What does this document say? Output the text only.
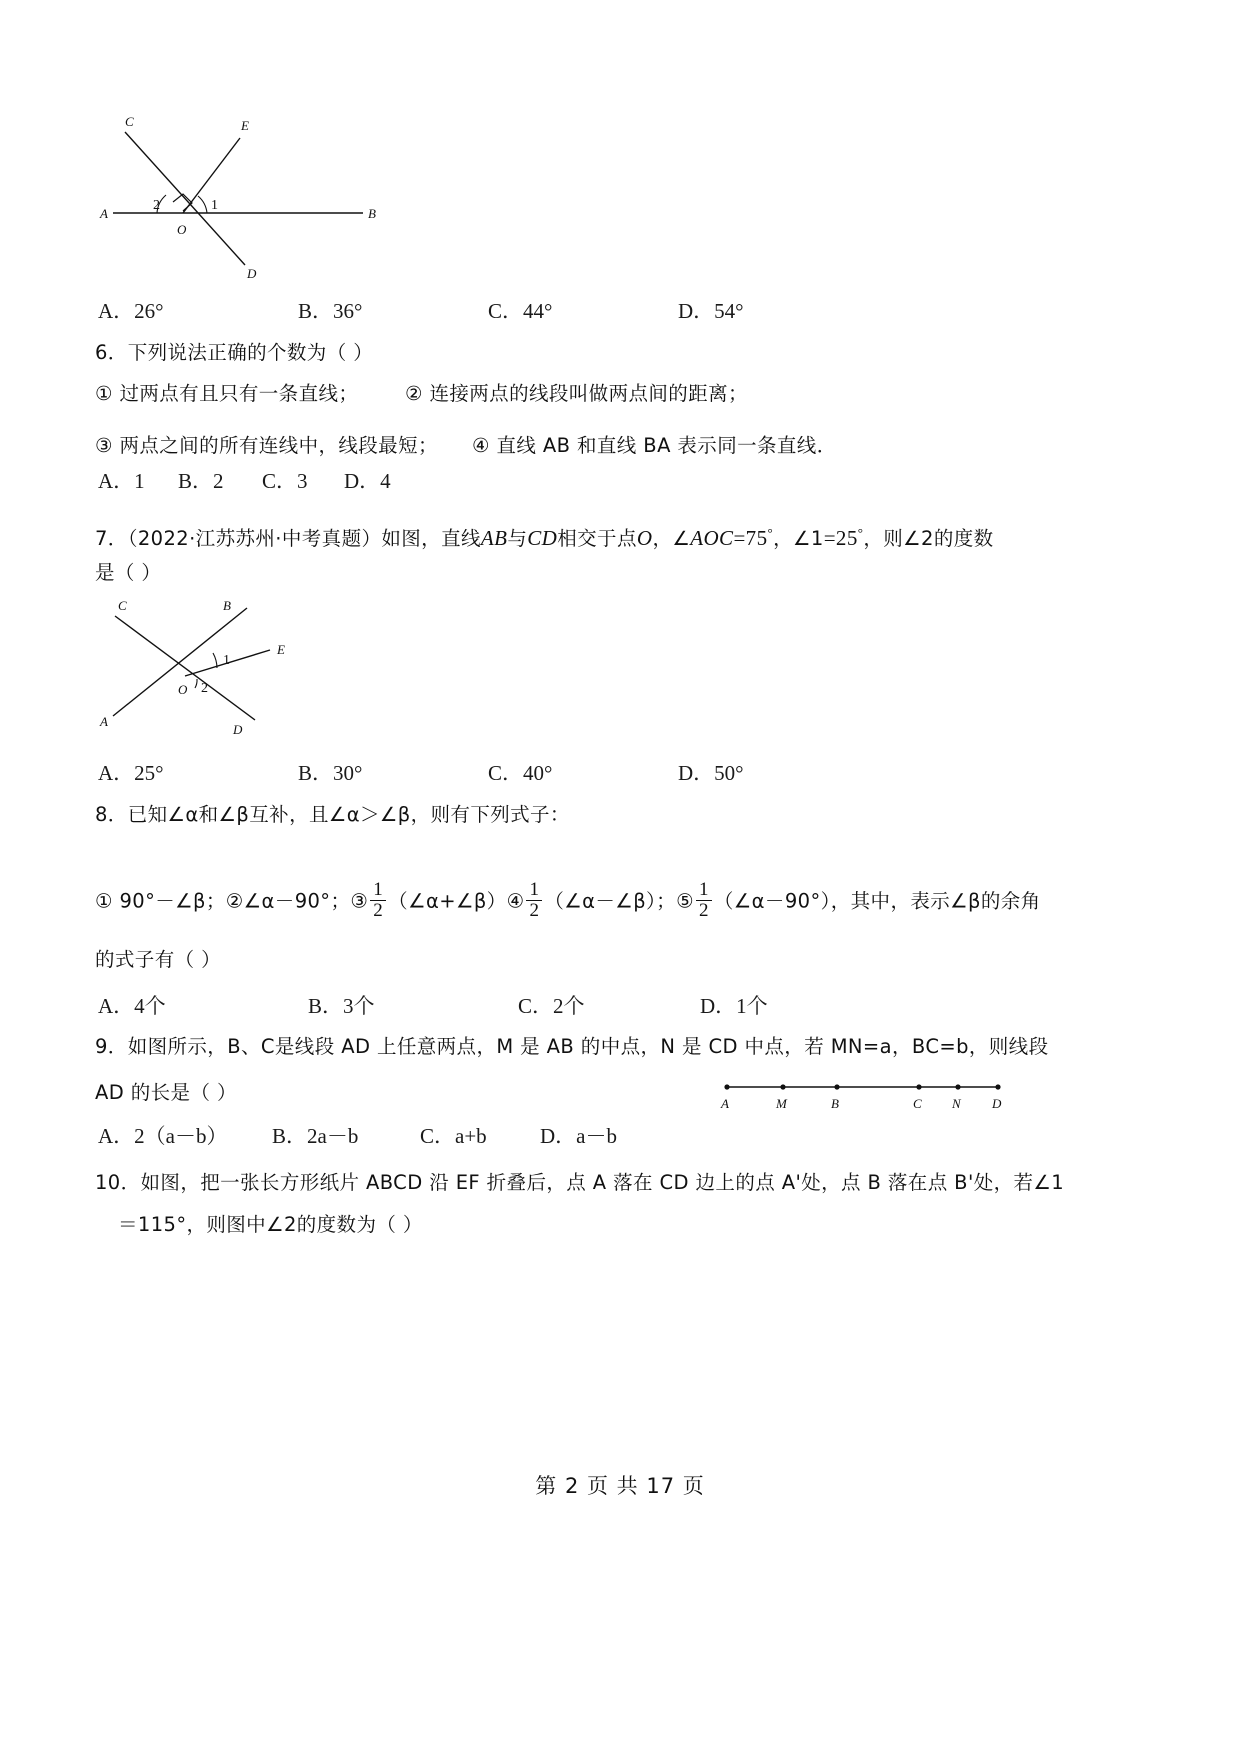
C	E
A	B
O
D
2	1
A．26°	B．36°	C．44°	D．54°
6．下列说法正确的个数为（ ）
① 过两点有且只有一条直线； ② 连接两点的线段叫做两点间的距离；
③ 两点之间的所有连线中，线段最短； ④ 直线 AB 和直线 BA 表示同一条直线．
A．1 B．2 C．3 D．4
7．（2022·江苏苏州·中考真题）如图，直线AB与CD相交于点O，∠AOC=75°，∠1=25°，则∠2的度数
是（ ）
C	B
E
O
A
D
1
2
A．25°	B．30°	C．40°	D．50°
8．已知∠α和∠β互补，且∠α＞∠β，则有下列式子：
① 90°－∠β；②∠α－90°；③ $\frac{1}{2}$ （∠α+∠β）④ $\frac{1}{2}$ （∠α－∠β）；⑤ $\frac{1}{2}$ （∠α－90°），其中，表示∠β的余角
的式子有（ ）
A．4个	B．3个	C．2个	D．1个
9．如图所示，B、C是线段 AD 上任意两点，M 是 AB 的中点，N 是 CD 中点，若 MN=a，BC=b，则线段
AD 的长是（ ）	A	M	B	C N D
A．2（a－b） B．2a－b	C．a+b	D．a－b
10．如图，把一张长方形纸片 ABCD 沿 EF 折叠后，点 A 落在 CD 边上的点 A'处，点 B 落在点 B'处，若∠1
＝115°，则图中∠2的度数为（ ）
第 2 页 共 17 页
